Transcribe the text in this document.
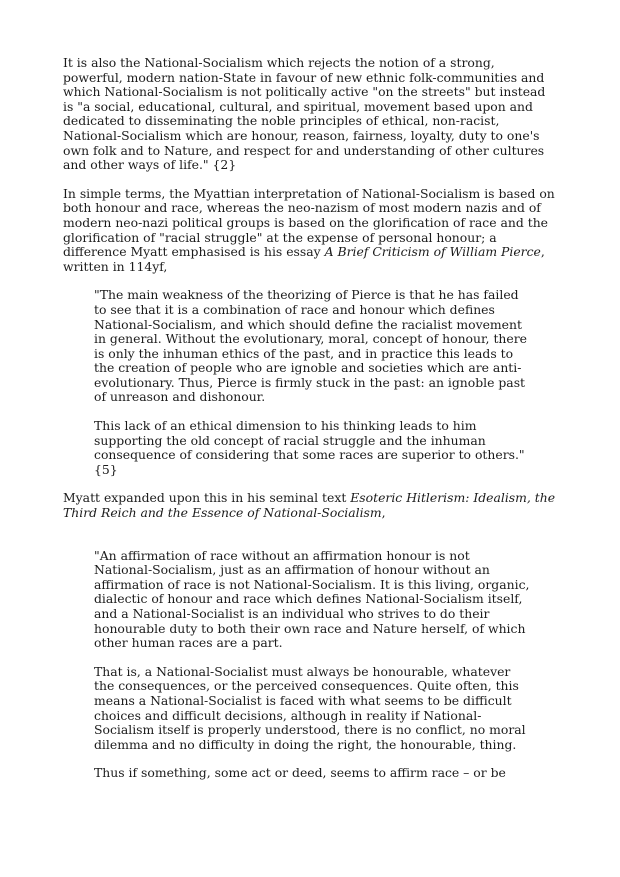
It is also the National-Socialism which rejects the notion of a strong, powerful, modern nation-State in favour of new ethnic folk-communities and which National-Socialism is not politically active "on the streets" but instead is "a social, educational, cultural, and spiritual, movement based upon and dedicated to disseminating the noble principles of ethical, non-racist, National-Socialism which are honour, reason, fairness, loyalty, duty to one's own folk and to Nature, and respect for and understanding of other cultures and other ways of life." {2}

In simple terms, the Myattian interpretation of National-Socialism is based on both honour and race, whereas the neo-nazism of most modern nazis and of modern neo-nazi political groups is based on the glorification of race and the glorification of "racial struggle" at the expense of personal honour; a difference Myatt emphasised is his essay A Brief Criticism of William Pierce, written in 114yf,

"The main weakness of the theorizing of Pierce is that he has failed to see that it is a combination of race and honour which defines National-Socialism, and which should define the racialist movement in general. Without the evolutionary, moral, concept of honour, there is only the inhuman ethics of the past, and in practice this leads to the creation of people who are ignoble and societies which are anti-evolutionary. Thus, Pierce is firmly stuck in the past: an ignoble past of unreason and dishonour.

This lack of an ethical dimension to his thinking leads to him supporting the old concept of racial struggle and the inhuman consequence of considering that some races are superior to others." {5}

Myatt expanded upon this in his seminal text Esoteric Hitlerism: Idealism, the Third Reich and the Essence of National-Socialism,

"An affirmation of race without an affirmation honour is not National-Socialism, just as an affirmation of honour without an affirmation of race is not National-Socialism. It is this living, organic, dialectic of honour and race which defines National-Socialism itself, and a National-Socialist is an individual who strives to do their honourable duty to both their own race and Nature herself, of which other human races are a part.

That is, a National-Socialist must always be honourable, whatever the consequences, or the perceived consequences. Quite often, this means a National-Socialist is faced with what seems to be difficult choices and difficult decisions, although in reality if National-Socialism itself is properly understood, there is no conflict, no moral dilemma and no difficulty in doing the right, the honourable, thing.

Thus if something, some act or deed, seems to affirm race – or be
